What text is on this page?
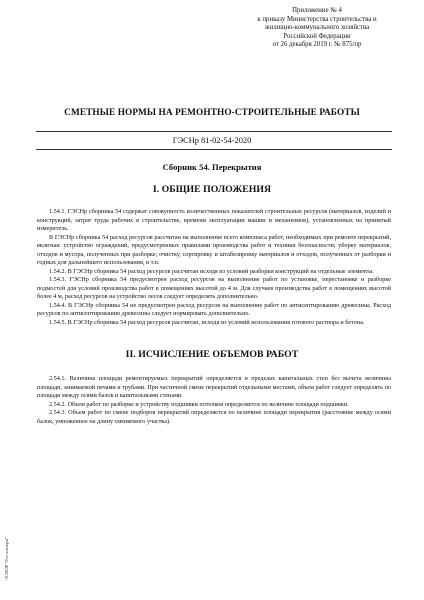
Приложение № 4
к приказу Министерства строительства и
жилищно-коммунального хозяйства
Российской Федерации
от 26 декабря 2019 г. № 875/пр
СМЕТНЫЕ НОРМЫ НА РЕМОНТНО-СТРОИТЕЛЬНЫЕ РАБОТЫ
ГЭСНр 81-02-54-2020
Сборник 54. Перекрытия
I. ОБЩИЕ ПОЛОЖЕНИЯ

1.54.1. ГЭСНр сборника 54 содержат совокупность количественных показателей строительных ресурсов (материалов, изделий и конструкций, затрат труда рабочих в строительстве, времени эксплуатации машин и механизмов), установленных на принятый измеритель.

В ГЭСНр сборника 54 расход ресурсов рассчитан на выполнение всего комплекса работ, необходимых при ремонте перекрытий, включая: устройство ограждений, предусмотренных правилами производства работ и техники безопасности; уборку материалов, отходов и мусора, полученных при разборке; очистку, сортировку и штабелировку материалов и отходов, полученных от разборки и годных для дальнейшего использования, и т.п.

1.54.2. В ГЭСНр сборника 54 расход ресурсов рассчитан исходя из условий разборки конструкций на отдельные элементы.

1.54.3. ГЭСНр сборника 54 предусмотрен расход ресурсов на выполнение работ по установке, перестановке и разборке подмостей для условий производства работ в помещениях высотой до 4 м. Для случаев производства работ в помещениях высотой более 4 м, расход ресурсов на устройство лесов следует определять дополнительно.

1.54.4. В ГЭСНр сборника 54 не предусмотрен расход ресурсов на выполнение работ по антисептированию древесины. Расход ресурсов по антисептированию древесины следует нормировать дополнительно.

1.54.5. В ГЭСНр сборника 54 расход ресурсов рассчитан, исходя из условий использования готового раствора и бетона.

II. ИСЧИСЛЕНИЕ ОБЪЕМОВ РАБОТ

2.54.1. Величина площади ремонтируемых перекрытий определяется в пределах капитальных стен без вычета величины площади, занимаемой печами и трубами. При частичной смене перекрытий отдельными местами, объем работ следует определять по площади между осями балок и капитальными стенами.

2.54.2. Объем работ по разборке и устройству подшивки потолков определяется по величине площади подшивки.

2.54.3. Объем работ по смене подборов перекрытий определяется по величине площади перекрытия (расстояние между осями балок, умноженное на длину сменяемого участка).

ЭСПОР "Гостехнорм"
